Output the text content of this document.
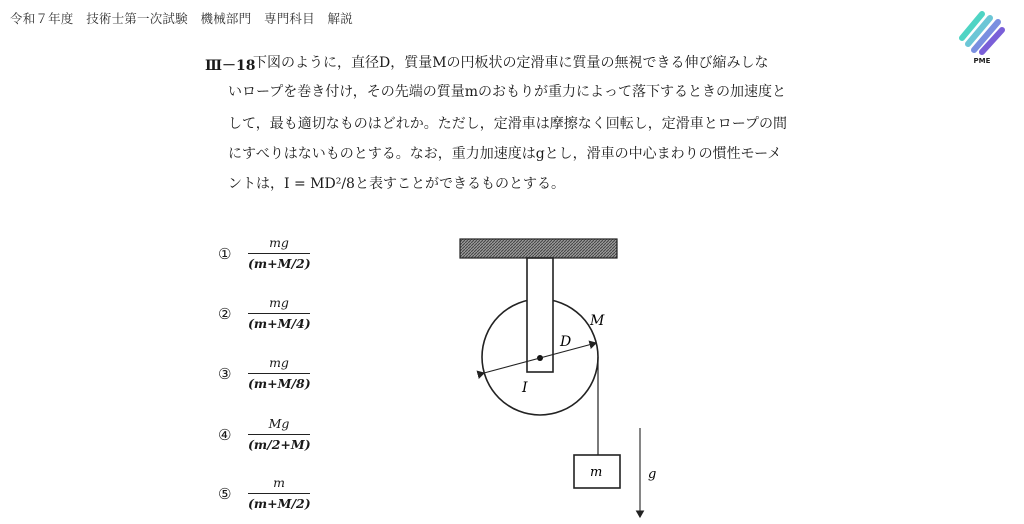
令和７年度　技術士第一次試験　機械部門　専門科目　解説
PME
Ⅲ－18
下図のように，直径D，質量Mの円板状の定滑車に質量の無視できる伸び縮みしな
いロープを巻き付け，その先端の質量mのおもりが重力によって落下するときの加速度と
して，最も適切なものはどれか。ただし，定滑車は摩擦なく回転し，定滑車とロープの間
にすべりはないものとする。なお，重力加速度はgとし，滑車の中心まわりの慣性モーメ
ントは，I = MD²/8と表すことができるものとする。
①
mg
(m+M/2)
②
mg
(m+M/4)
③
mg
(m+M/8)
④
Mg
(m/2+M)
⑤
m
(m+M/2)
M
D
I
m	g
